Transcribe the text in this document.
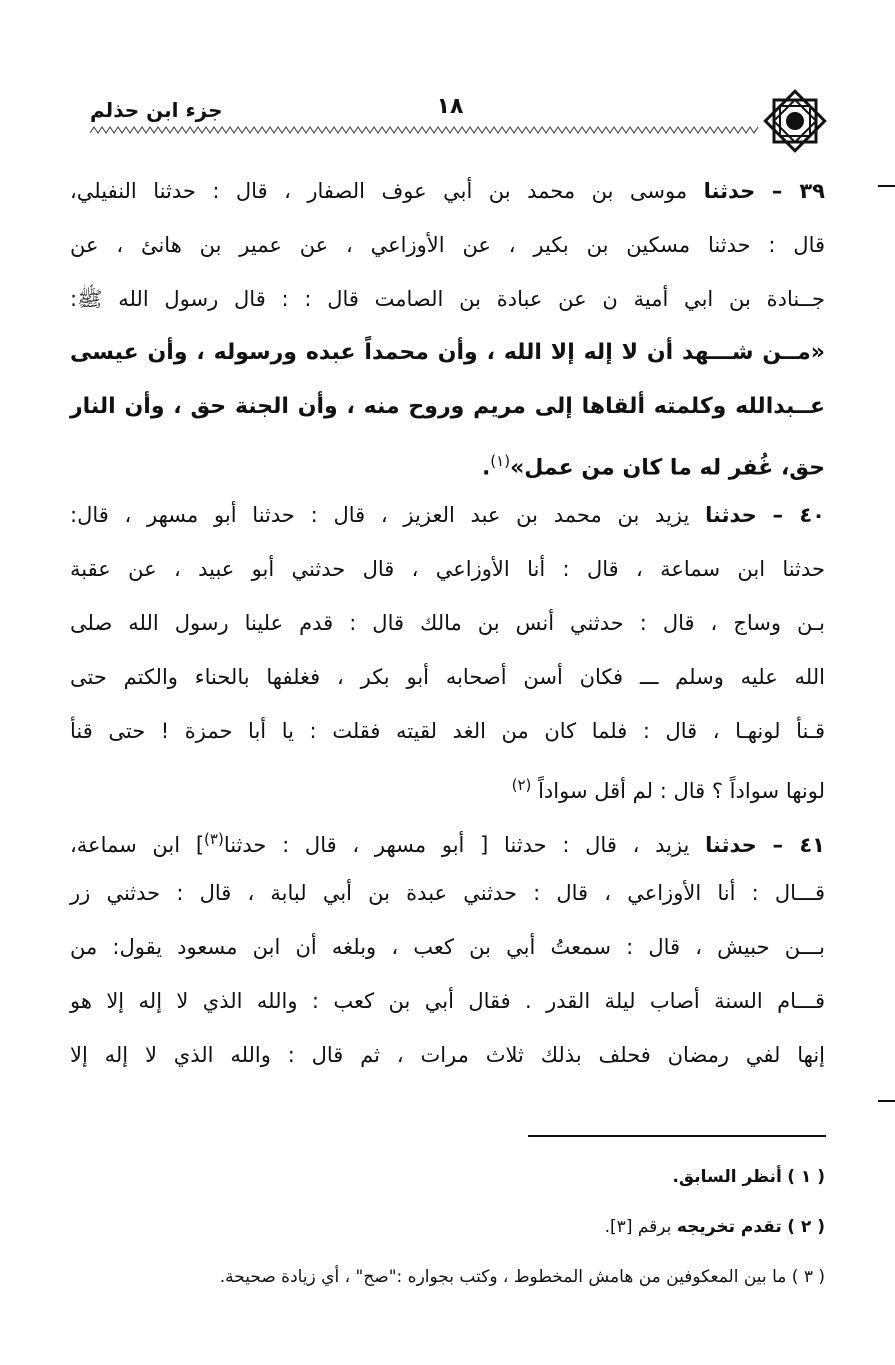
١٨
جزء ابن حذلم
٣٩ – حدثنا موسى بن محمد بن أبي عوف الصفار ، قال : حدثنا النفيلي،
قال : حدثنا مسكين بن بكير ، عن الأوزاعي ، عن عمير بن هانئ ، عن
جــنادة بن ابي أمية ن عن عبادة بن الصامت قال : : قال رسول الله ﷺ:
«مــن شـــهد أن لا إله إلا الله ، وأن محمداً عبده ورسوله ، وأن عيسى
عــبدالله وكلمته ألقاها إلى مريم وروح منه ، وأن الجنة حق ، وأن النار
حق، غُفر له ما كان من عمل»$^{(١)}$.
٤٠ – حدثنا يزيد بن محمد بن عبد العزيز ، قال : حدثنا أبو مسهر ، قال:
حدثنا ابن سماعة ، قال : أنا الأوزاعي ، قال حدثني أبو عبيد ، عن عقبة
بـن وساج ، قال : حدثني أنس بن مالك قال : قدم علينا رسول الله صلى
الله عليه وسلم ـــ فكان أسن أصحابه أبو بكر ، فغلفها بالحناء والكتم حتى
قـنأ لونهـا ، قال : فلما كان من الغد لقيته فقلت : يا أبا حمزة ! حتى قنأ
لونها سواداً ؟ قال : لم أقل سواداً $^{(٢)}$
٤١ – حدثنا يزيد ، قال : حدثنا [ أبو مسهر ، قال : حدثنا$^{(٣)}$] ابن سماعة،
قـــال : أنا الأوزاعي ، قال : حدثني عبدة بن أبي لبابة ، قال : حدثني زر
بـــن حبيش ، قال : سمعتُ أبي بن كعب ، وبلغه أن ابن مسعود يقول: من
قـــام السنة أصاب ليلة القدر . فقال أبي بن كعب : والله الذي لا إله إلا هو
إنها لفي رمضان فحلف بذلك ثلاث مرات ، ثم قال : والله الذي لا إله إلا
( ١ ) أنظر السابق.
( ٢ ) تقدم تخريجه برقم [٣].
( ٣ ) ما بين المعكوفين من هامش المخطوط ، وكتب بجواره :"صح" ، أي زيادة صحيحة.
